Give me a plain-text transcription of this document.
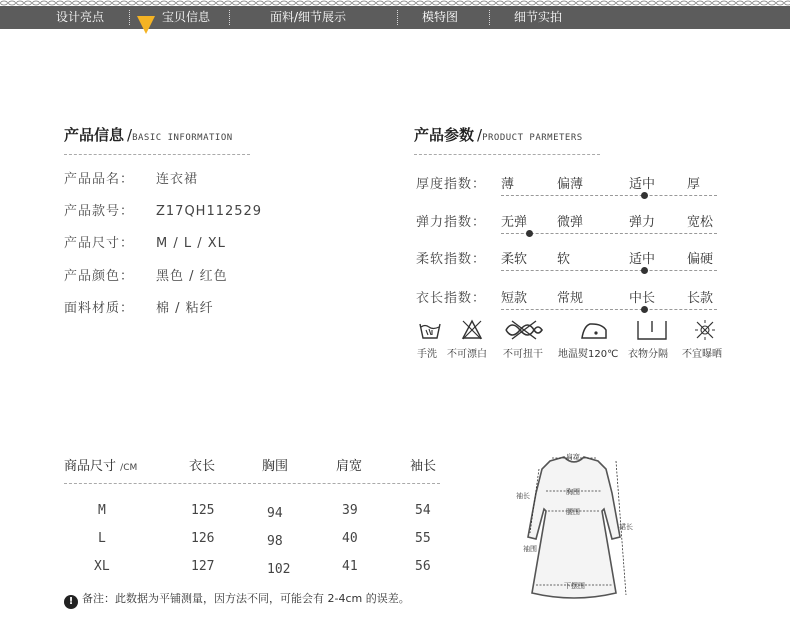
设计亮点	宝贝信息	面料/细节展示	模特图	细节实拍
产品信息 /BASIC INFORMATION
产品品名： 连衣裙
产品款号： Z17QH112529
产品尺寸： M / L / XL
产品颜色： 黑色 / 红色
面料材质： 棉 / 粘纤
产品参数 /PRODUCT PARMETERS
厚度指数： 薄	偏薄	适中 厚
弹力指数： 无弹 微弹	弹力 宽松
柔软指数： 柔软 软	适中 偏硬
衣长指数： 短款 常规	中长 长款
手洗 不可漂白 不可扭干 地温熨120℃ 衣物分隔 不宜曝晒
商品尺寸 /CM	衣长	胸围	肩宽	袖长
M	125	94	39	54
L	126	98	40	55
XL	127	102	41	56
! 备注：此数据为平铺测量，因方法不同，可能会有 2-4cm 的误差。
肩宽
袖长	胸围
腰围
裙长
袖围
下摆围
